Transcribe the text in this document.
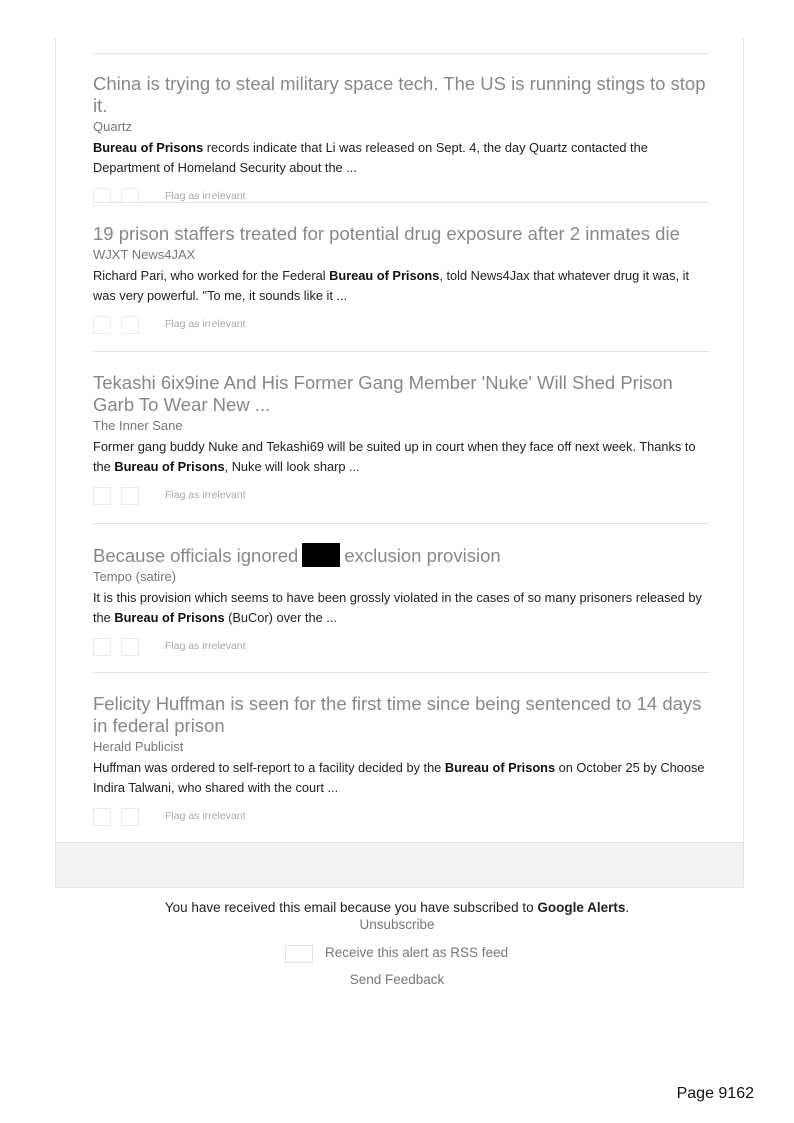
China is trying to steal military space tech. The US is running stings to stop it.
Quartz
Bureau of Prisons records indicate that Li was released on Sept. 4, the day Quartz contacted the Department of Homeland Security about the ...
Flag as irrelevant
19 prison staffers treated for potential drug exposure after 2 inmates die
WJXT News4JAX
Richard Pari, who worked for the Federal Bureau of Prisons, told News4Jax that whatever drug it was, it was very powerful. "To me, it sounds like it ...
Flag as irrelevant
Tekashi 6ix9ine And His Former Gang Member 'Nuke' Will Shed Prison Garb To Wear New ...
The Inner Sane
Former gang buddy Nuke and Tekashi69 will be suited up in court when they face off next week. Thanks to the Bureau of Prisons, Nuke will look sharp ...
Flag as irrelevant
Because officials ignored exclusion provision
Tempo (satire)
It is this provision which seems to have been grossly violated in the cases of so many prisoners released by the Bureau of Prisons (BuCor) over the ...
Flag as irrelevant
Felicity Huffman is seen for the first time since being sentenced to 14 days in federal prison
Herald Publicist
Huffman was ordered to self-report to a facility decided by the Bureau of Prisons on October 25 by Choose Indira Talwani, who shared with the court ...
Flag as irrelevant
You have received this email because you have subscribed to Google Alerts.
Unsubscribe
Receive this alert as RSS feed
Send Feedback
Page 9162
